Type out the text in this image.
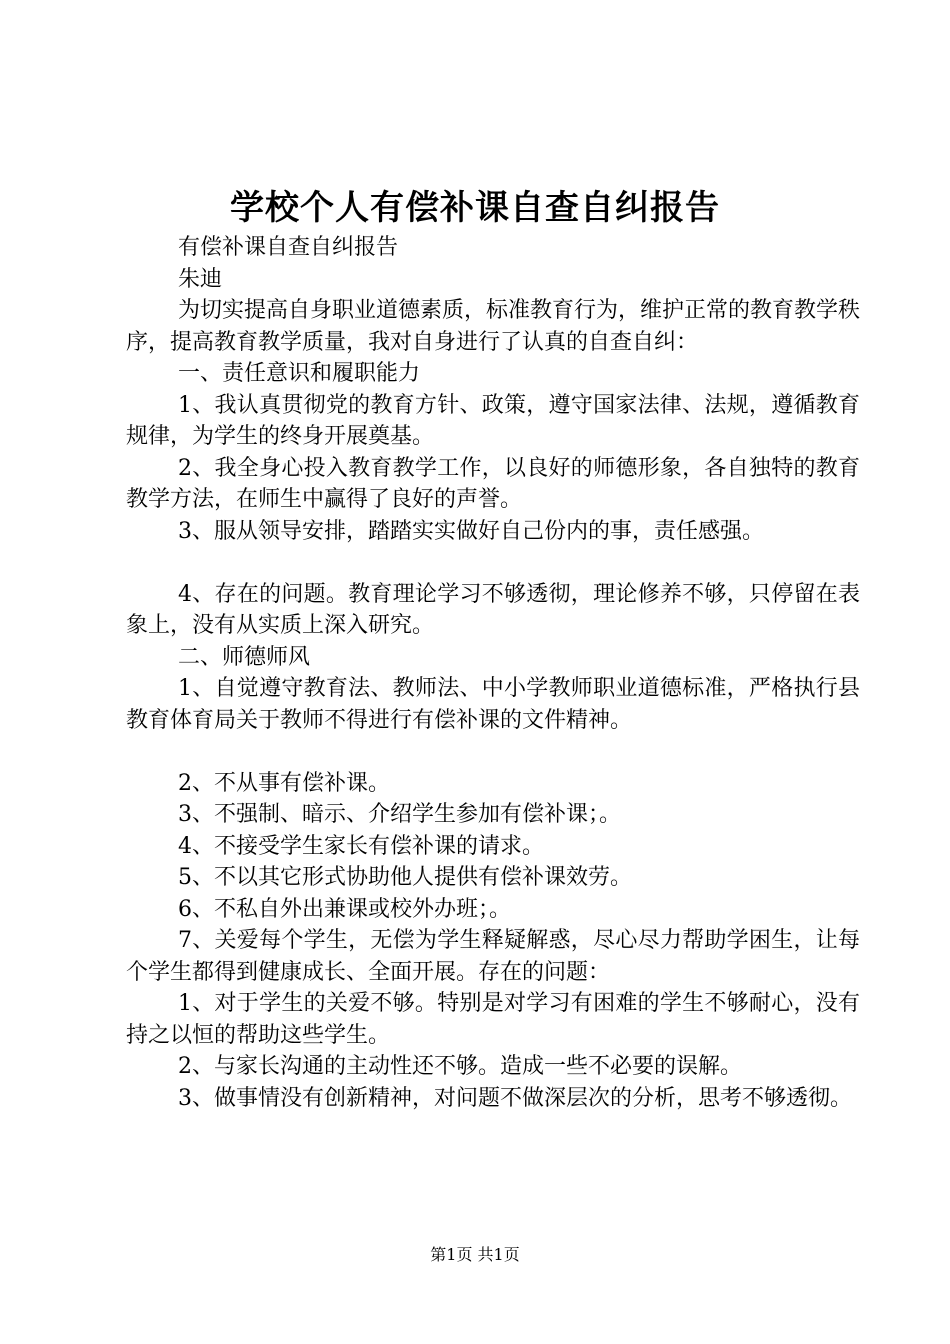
学校个人有偿补课自查自纠报告

有偿补课自查自纠报告

朱迪

为切实提高自身职业道德素质，标准教育行为，维护正常的教育教学秩序，提高教育教学质量，我对自身进行了认真的自查自纠：

一、责任意识和履职能力

1、我认真贯彻党的教育方针、政策，遵守国家法律、法规，遵循教育规律，为学生的终身开展奠基。

2、我全身心投入教育教学工作，以良好的师德形象，各自独特的教育教学方法，在师生中赢得了良好的声誉。

3、服从领导安排，踏踏实实做好自己份内的事，责任感强。

4、存在的问题。教育理论学习不够透彻，理论修养不够，只停留在表象上，没有从实质上深入研究。

二、师德师风

1、自觉遵守教育法、教师法、中小学教师职业道德标准，严格执行县教育体育局关于教师不得进行有偿补课的文件精神。

2、不从事有偿补课。

3、不强制、暗示、介绍学生参加有偿补课；。

4、不接受学生家长有偿补课的请求。

5、不以其它形式协助他人提供有偿补课效劳。

6、不私自外出兼课或校外办班；。

7、关爱每个学生，无偿为学生释疑解惑，尽心尽力帮助学困生，让每个学生都得到健康成长、全面开展。存在的问题：

1、对于学生的关爱不够。特别是对学习有困难的学生不够耐心，没有持之以恒的帮助这些学生。

2、与家长沟通的主动性还不够。造成一些不必要的误解。

3、做事情没有创新精神，对问题不做深层次的分析，思考不够透彻。

第1页 共1页
